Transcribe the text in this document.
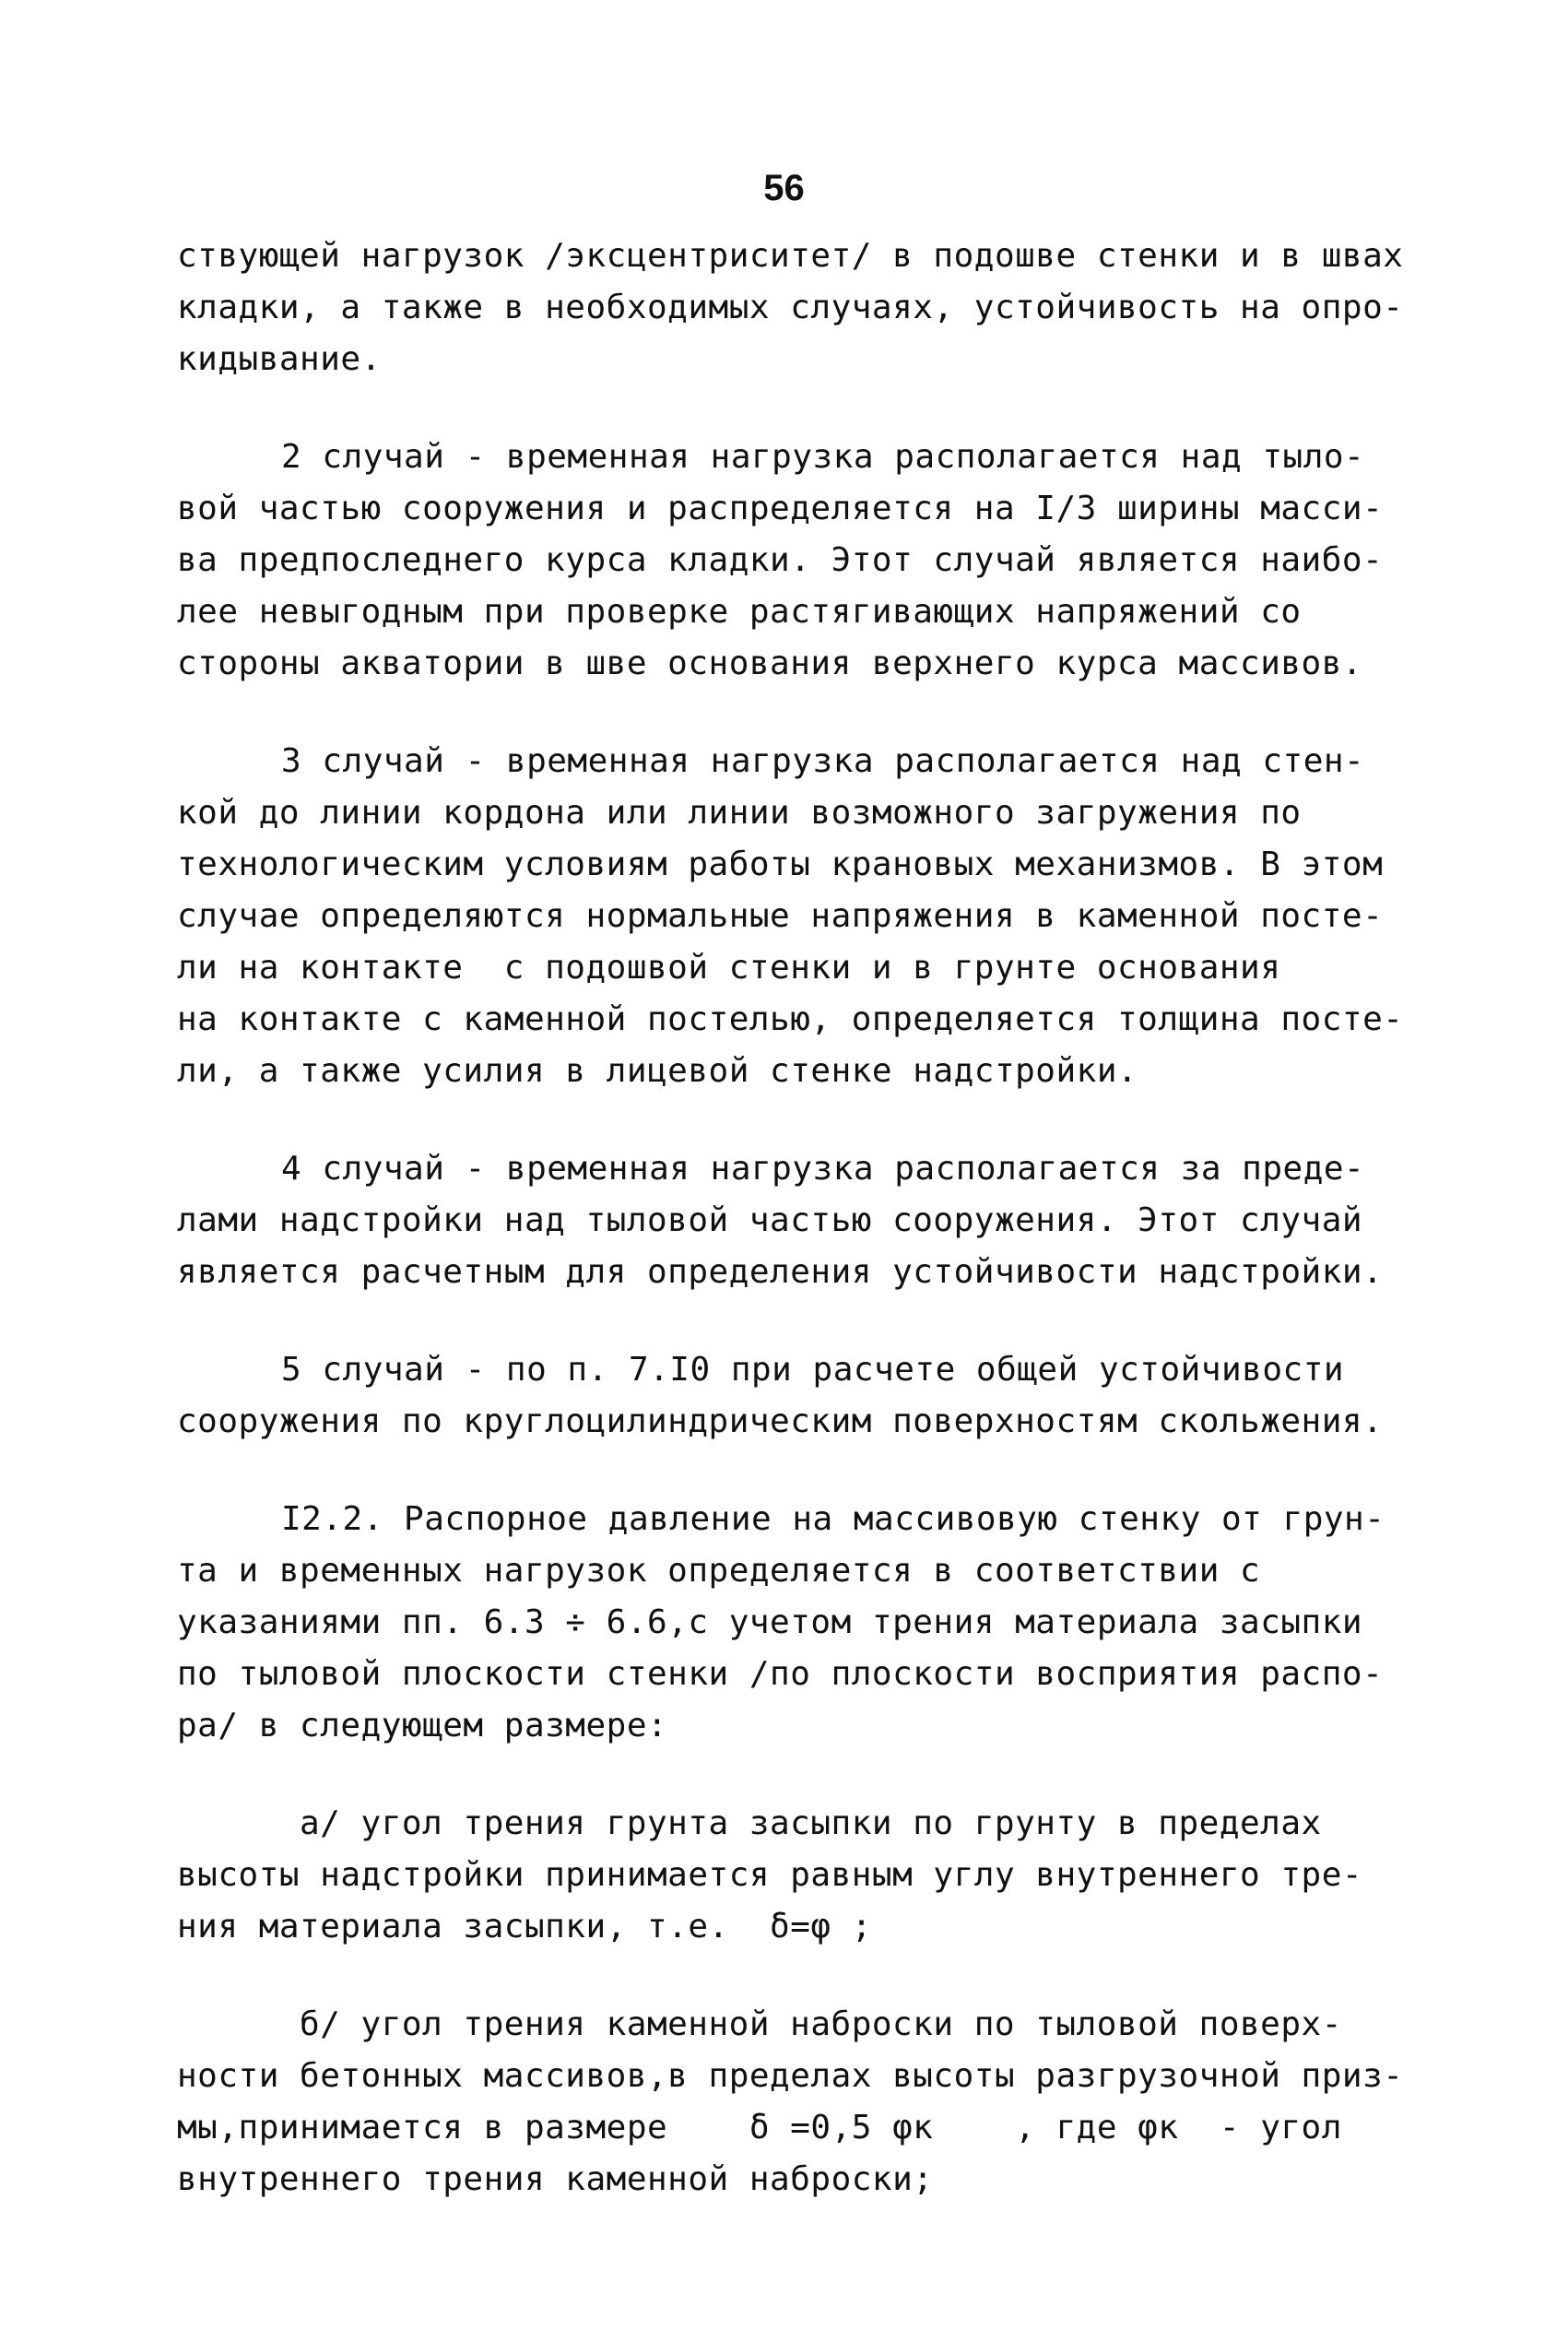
56
ствующей нагрузок /эксцентриситет/ в подошве стенки и в швах
кладки, а также в необходимых случаях, устойчивость на опро-
кидывание.
2 случай - временная нагрузка располагается над тыло-
вой частью сооружения и распределяется на I/3 ширины масси-
ва предпоследнего курса кладки. Этот случай является наибо-
лее невыгодным при проверке растягивающих напряжений со
стороны акватории в шве основания верхнего курса массивов.
3 случай - временная нагрузка располагается над стен-
кой до линии кордона или линии возможного загружения по
технологическим условиям работы крановых механизмов. В этом
случае определяются нормальные напряжения в каменной посте-
ли на контакте  с подошвой стенки и в грунте основания
на контакте с каменной постелью, определяется толщина посте-
ли, а также усилия в лицевой стенке надстройки.
4 случай - временная нагрузка располагается за преде-
лами надстройки над тыловой частью сооружения. Этот случай
является расчетным для определения устойчивости надстройки.
5 случай - по п. 7.I0 при расчете общей устойчивости
сооружения по круглоцилиндрическим поверхностям скольжения.
I2.2. Распорное давление на массивовую стенку от грун-
та и временных нагрузок определяется в соответствии с
указаниями пп. 6.3 ÷ 6.6,с учетом трения материала засыпки
по тыловой плоскости стенки /по плоскости восприятия распо-
ра/ в следующем размере:
а/ угол трения грунта засыпки по грунту в пределах
высоты надстройки принимается равным углу внутреннего тре-
ния материала засыпки, т.е.  δ=φ ;
б/ угол трения каменной наброски по тыловой поверх-
ности бетонных массивов,в пределах высоты разгрузочной приз-
мы,принимается в размере    δ =0,5 φк    , где φк  - угол
внутреннего трения каменной наброски;
